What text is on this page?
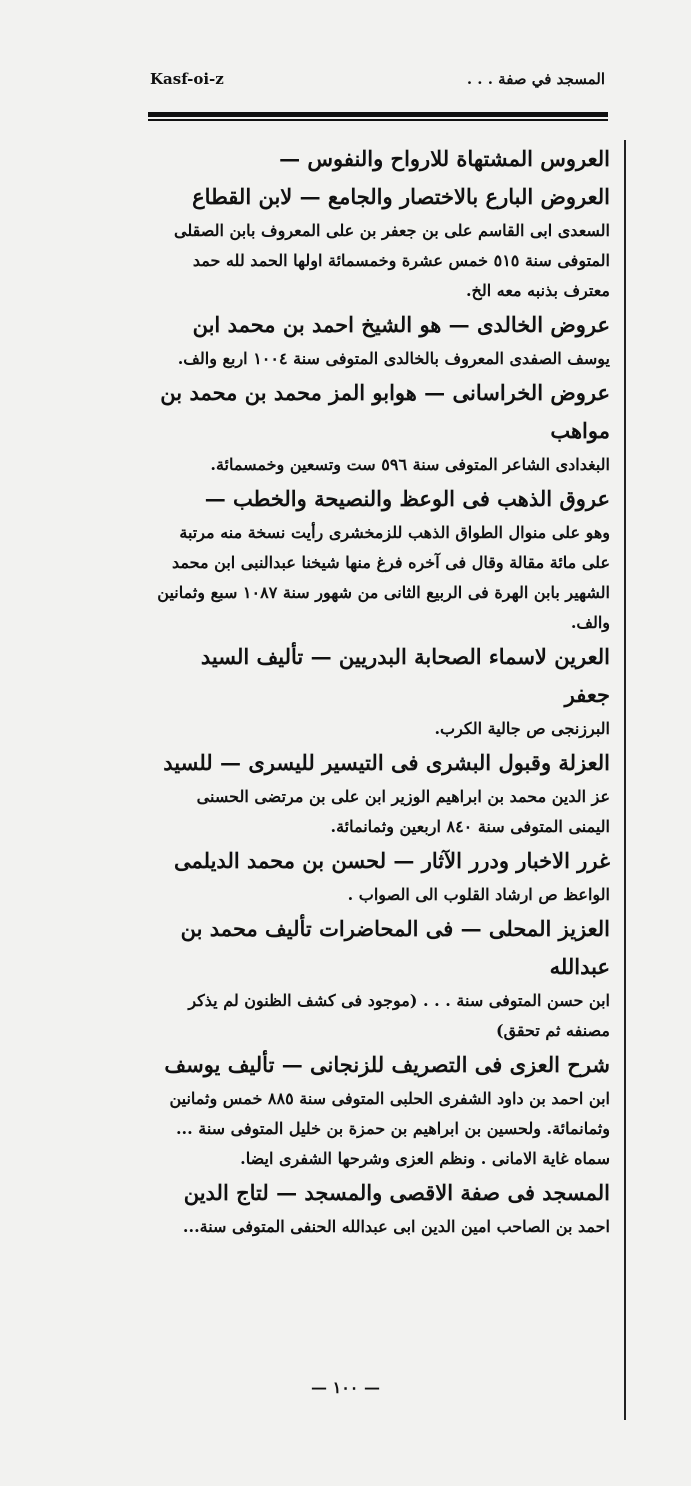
Kasf-oi-z	المسجد في صفة . . .
العروس المشتهاة للارواح والنفوس —
العروض البارع بالاختصار والجامع — لابن القطاع
السعدى ابى القاسم على بن جعفر بن على المعروف بابن الصقلى المتوفى سنة ٥١٥ خمس عشرة وخمسمائة اولها الحمد لله حمد معترف بذنبه معه الخ.
عروض الخالدى — هو الشيخ احمد بن محمد ابن
يوسف الصفدى المعروف بالخالدى المتوفى سنة ١٠٠٤ اربع والف.
عروض الخراسانى — هوابو المز محمد بن محمد بن مواهب
البغدادى الشاعر المتوفى سنة ٥٩٦ ست وتسعين وخمسمائة.
عروق الذهب فى الوعظ والنصيحة والخطب —
وهو على منوال الطواق الذهب للزمخشرى رأيت نسخة منه مرتبة على مائة مقالة وقال فى آخره فرغ منها شيخنا عبدالنبى ابن محمد الشهير بابن الهرة فى الربيع الثانى من شهور سنة ١٠٨٧ سبع وثمانين والف.
العرين لاسماء الصحابة البدريين — تأليف السيد جعفر
البرزنجى ص جالية الكرب.
العزلة وقبول البشرى فى التيسير لليسرى — للسيد
عز الدين محمد بن ابراهيم الوزير ابن على بن مرتضى الحسنى اليمنى المتوفى سنة ٨٤٠ اربعين وثمانمائة.
غرر الاخبار ودرر الآثار — لحسن بن محمد الديلمى
الواعظ ص ارشاد القلوب الى الصواب .
العزيز المحلى — فى المحاضرات تأليف محمد بن عبدالله
ابن حسن المتوفى سنة . . . (موجود فى كشف الظنون لم يذكر مصنفه ثم تحقق)
شرح العزى فى التصريف للزنجانى — تأليف يوسف
ابن احمد بن داود الشفرى الحلبى المتوفى سنة ٨٨٥ خمس وثمانين وثمانمائة. ولحسين بن ابراهيم بن حمزة بن خليل المتوفى سنة ... سماه غاية الامانى . ونظم العزى وشرحها الشفرى ايضا.
المسجد فى صفة الاقصى والمسجد — لتاج الدين
احمد بن الصاحب امين الدين ابى عبدالله الحنفى المتوفى سنة...
— ١٠٠ —
